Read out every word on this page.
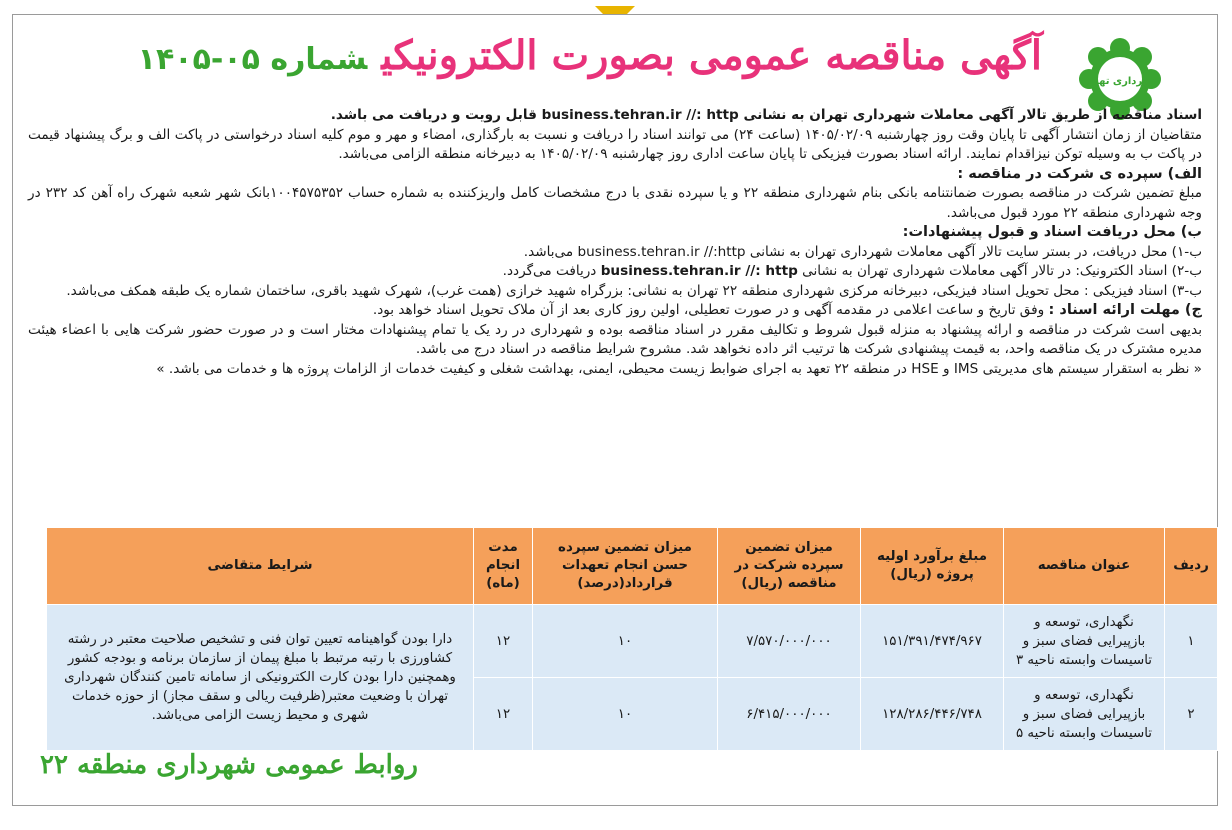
شهرداری تهران
آگهی مناقصه عمومی بصورت الکترونیکیشماره ۰۵-۱۴۰۵

اسناد مناقصه از طریق تالار آگهی معاملات شهرداری تهران به نشانی business.tehran.ir //: http قابل رویت و دریافت می باشد.

متقاضیان از زمان انتشار آگهی تا پایان وقت روز چهارشنبه ۱۴۰۵/۰۲/۰۹ (ساعت ۲۴) می توانند اسناد را دریافت و نسبت به بارگذاری، امضاء و مهر و موم کلیه اسناد درخواستی در پاکت الف و برگ پیشنهاد قیمت در پاکت ب به وسیله توکن نیزاقدام نمایند. ارائه اسناد بصورت فیزیکی تا پایان ساعت اداری روز چهارشنبه ۱۴۰۵/۰۲/۰۹ به دبیرخانه منطقه الزامی می‌باشد.

الف) سپرده ی شرکت در مناقصه :

مبلغ تضمین شرکت در مناقصه بصورت ضمانتنامه بانکی بنام شهرداری منطقه ۲۲ و یا سپرده نقدی با درج مشخصات کامل واریزکننده به شماره حساب ۱۰۰۴۵۷۵۳۵۲بانک شهر شعبه شهرک راه آهن کد ۲۳۲ در وجه شهرداری منطقه ۲۲ مورد قبول می‌باشد.

ب) محل دریافت اسناد و قبول پیشنهادات:

ب-۱) محل دریافت، در بستر سایت تالار آگهی معاملات شهرداری تهران به نشانی business.tehran.ir //:http می‌باشد.

ب-۲) اسناد الکترونیک: در تالار آگهی معاملات شهرداری تهران به نشانی business.tehran.ir //: http دریافت می‌گردد.

ب-۳) اسناد فیزیکی : محل تحویل اسناد فیزیکی، دبیرخانه مرکزی شهرداری منطقه ۲۲ تهران به نشانی: بزرگراه شهید خرازی (همت غرب)، شهرک شهید باقری، ساختمان شماره یک طبقه همکف می‌باشد.

ج) مهلت ارائه اسناد : وفق تاریخ و ساعت اعلامی در مقدمه آگهی و در صورت تعطیلی، اولین روز کاری بعد از آن ملاک تحویل اسناد خواهد بود.

بدیهی است شرکت در مناقصه و ارائه پیشنهاد به منزله قبول شروط و تکالیف مقرر در اسناد مناقصه بوده و شهرداری در رد یک یا تمام پیشنهادات مختار است و در صورت حضور شرکت هایی با اعضاء هیئت مدیره مشترک در یک مناقصه واحد، به قیمت پیشنهادی شرکت ها ترتیب اثر داده نخواهد شد. مشروح شرایط مناقصه در اسناد درج می باشد.

« نظر به استقرار سیستم های مدیریتی IMS و HSE در منطقه ۲۲ تعهد به اجرای ضوابط زیست محیطی، ایمنی، بهداشت شغلی و کیفیت خدمات از الزامات پروژه ها و خدمات می باشد. »

ردیف	عنوان مناقصه	مبلغ برآورد اولیه پروژه (ریال)	میزان تضمین سپرده شرکت در مناقصه (ریال)	میزان تضمین سپرده حسن انجام تعهدات قرارداد(درصد)	مدت انجام (ماه)	شرایط متقاضی
۱	نگهداری، توسعه و بازپیرایی فضای سبز و تاسیسات وابسته ناحیه ۳	۱۵۱/۳۹۱/۴۷۴/۹۶۷	۷/۵۷۰/۰۰۰/۰۰۰	۱۰	۱۲	دارا بودن گواهینامه تعیین توان فنی و تشخیص صلاحیت معتبر در رشته کشاورزی با رتبه مرتبط با مبلغ پیمان از سازمان برنامه و بودجه کشور وهمچنین دارا بودن کارت الکترونیکی از سامانه تامین کنندگان شهرداری تهران با وضعیت معتبر(ظرفیت ریالی و سقف مجاز) از حوزه خدمات شهری و محیط زیست الزامی می‌باشد.
۲	نگهداری، توسعه و بازپیرایی فضای سبز و تاسیسات وابسته ناحیه ۵	۱۲۸/۲۸۶/۴۴۶/۷۴۸	۶/۴۱۵/۰۰۰/۰۰۰	۱۰	۱۲	
روابط عمومی شهرداری منطقه ۲۲
